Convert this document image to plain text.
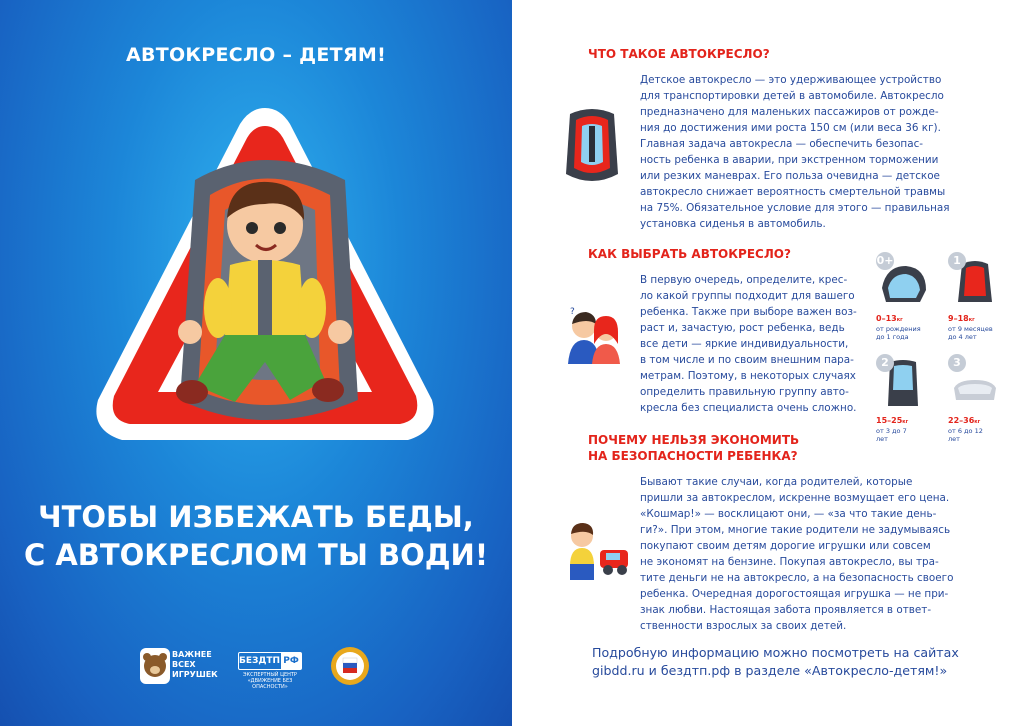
АВТОКРЕСЛО – ДЕТЯМ!
ЧТОБЫ ИЗБЕЖАТЬ БЕДЫ,
С АВТОКРЕСЛОМ ТЫ ВОДИ!
ВАЖНЕЕ
ВСЕХ
ИГРУШЕК
БЕЗДТП РФ
ЭКСПЕРТНЫЙ ЦЕНТР
«ДВИЖЕНИЕ БЕЗ ОПАСНОСТИ»
ЧТО ТАКОЕ АВТОКРЕСЛО?
Детское автокресло — это удерживающее устройство
для транспортировки детей в автомобиле. Автокресло
предназначено для маленьких пассажиров от рожде-
ния до достижения ими роста 150 см (или веса 36 кг).
Главная задача автокресла — обеспечить безопас-
ность ребенка в аварии, при экстренном торможении
или резких маневрах. Его польза очевидна — детское
автокресло снижает вероятность смертельной травмы
на 75%. Обязательное условие для этого — правильная
установка сиденья в автомобиль.
КАК ВЫБРАТЬ АВТОКРЕСЛО?
?
В первую очередь, определите, крес-
ло какой группы подходит для вашего
ребенка. Также при выборе важен воз-
раст и, зачастую, рост ребенка, ведь
все дети — яркие индивидуальности,
в том числе и по своим внешним пара-
метрам. Поэтому, в некоторых случаях
определить правильную группу авто-
кресла без специалиста очень сложно.
0+
0–13кг
от рождения
до 1 года
1
9–18кг
от 9 месяцев
до 4 лет
2
15–25кг
от 3 до 7
лет
3
22–36кг
от 6 до 12
лет
ПОЧЕМУ НЕЛЬЗЯ ЭКОНОМИТЬ
НА БЕЗОПАСНОСТИ РЕБЕНКА?
Бывают такие случаи, когда родителей, которые
пришли за автокреслом, искренне возмущает его цена.
«Кошмар!» — восклицают они, — «за что такие день-
ги?». При этом, многие такие родители не задумываясь
покупают своим детям дорогие игрушки или совсем
не экономят на бензине. Покупая автокресло, вы тра-
тите деньги не на автокресло, а на безопасность своего
ребенка. Очередная дорогостоящая игрушка — не при-
знак любви. Настоящая забота проявляется в ответ-
ственности взрослых за своих детей.
Подробную информацию можно посмотреть на сайтах
gibdd.ru и бездтп.рф в разделе «Автокресло-детям!»
